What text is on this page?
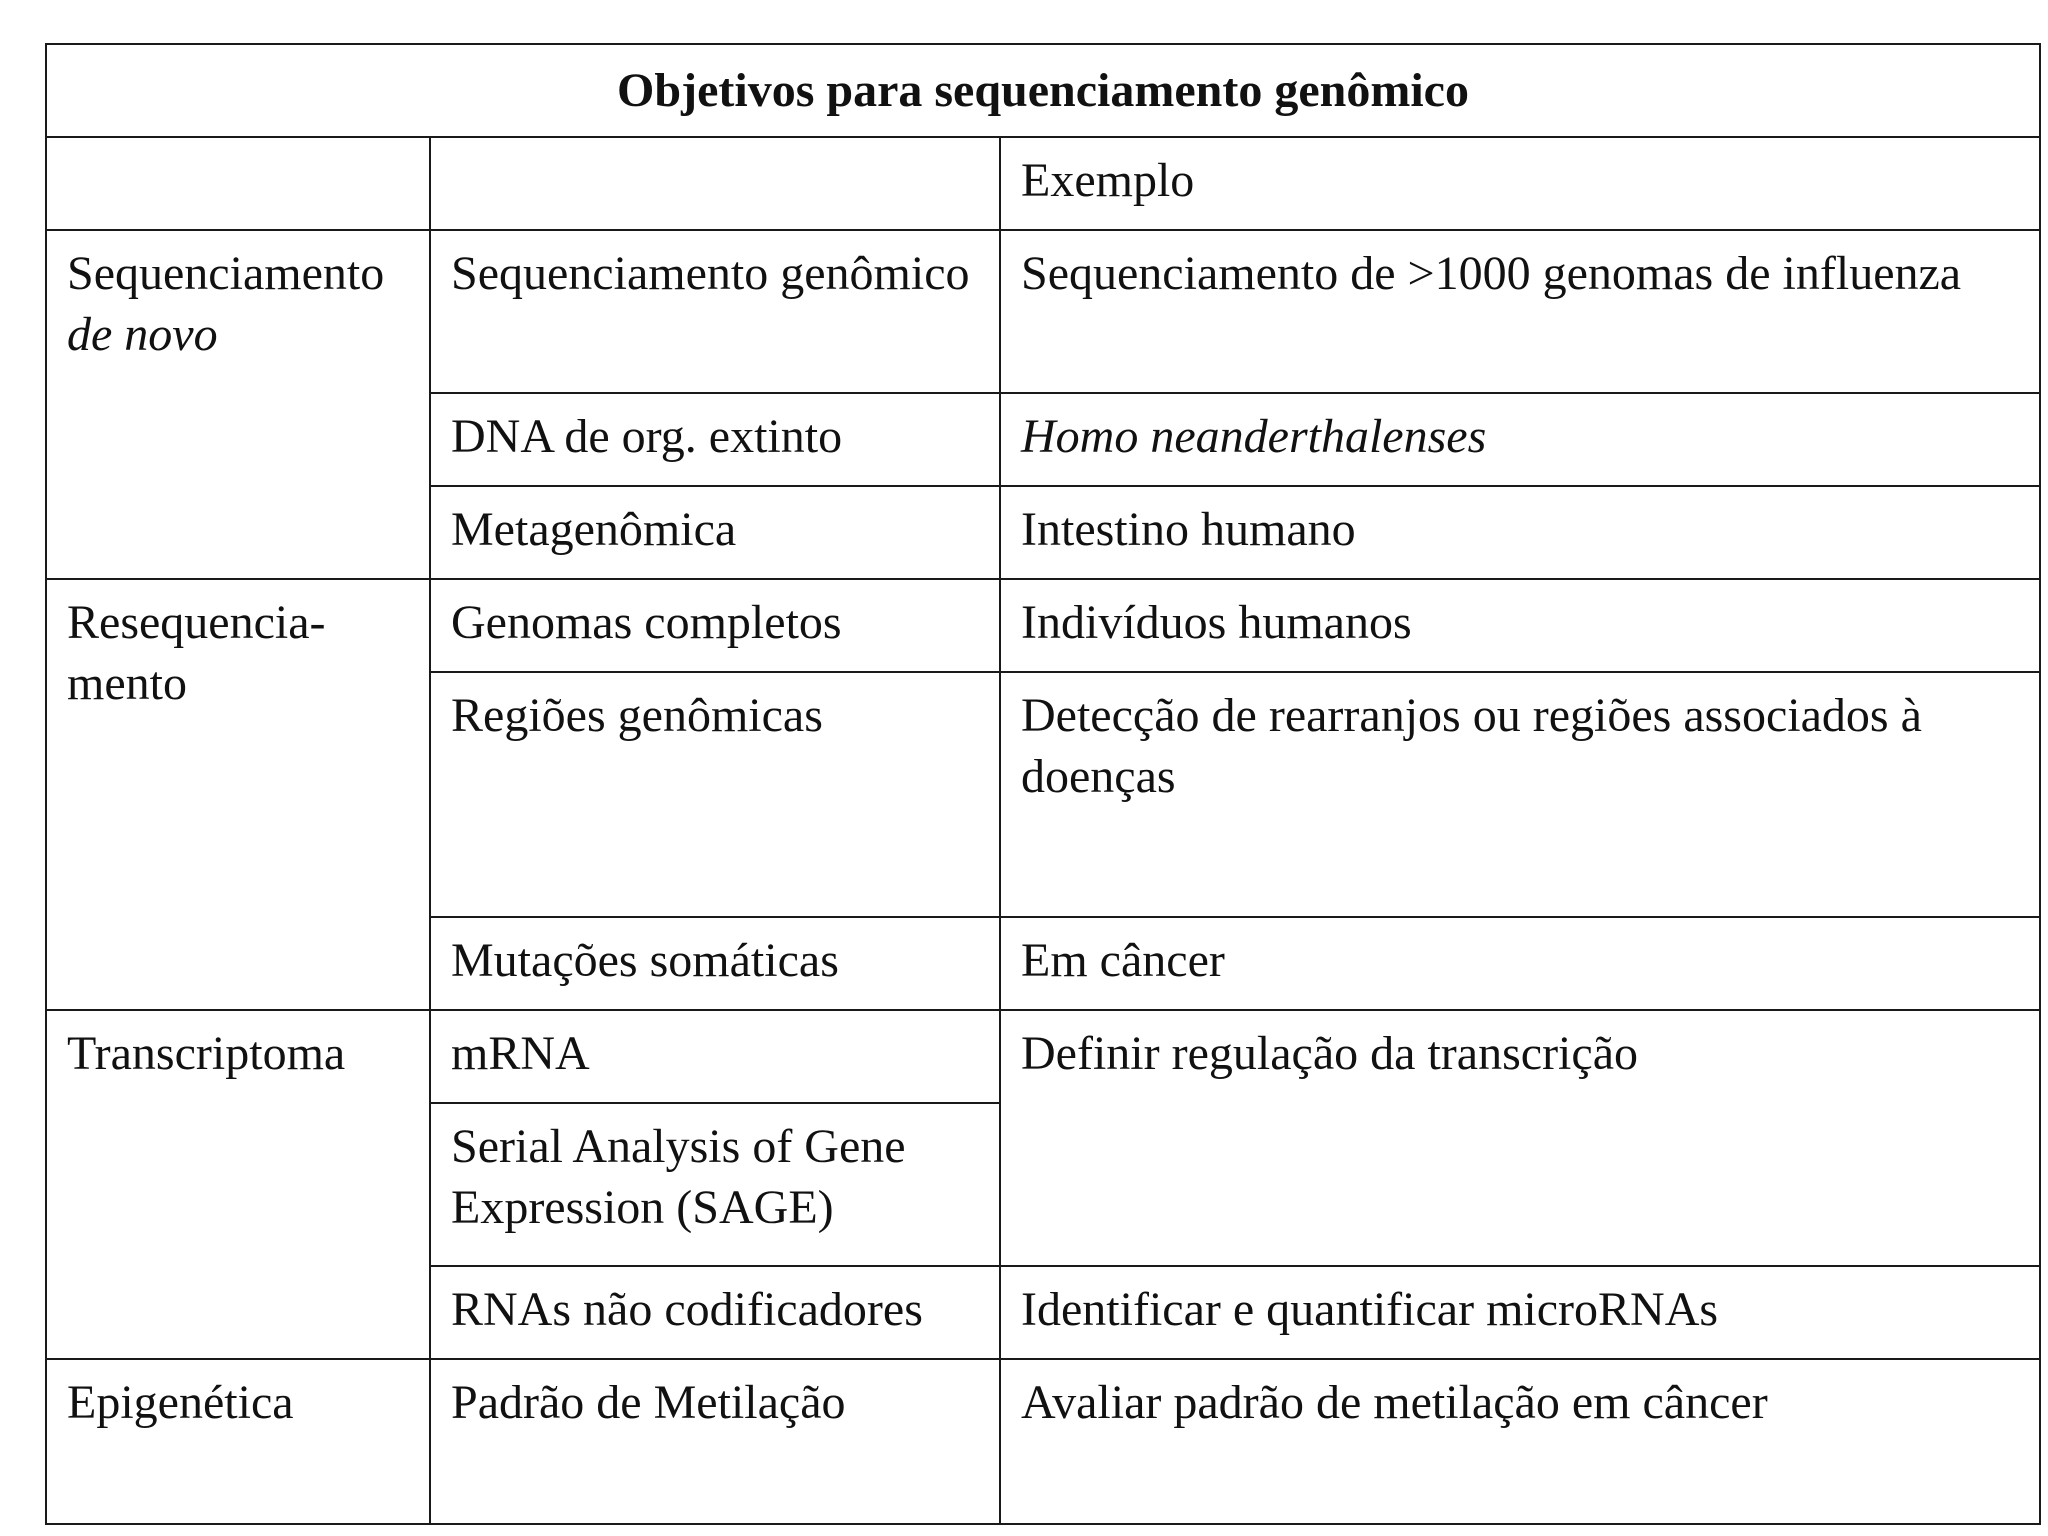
Objetivos para sequenciamento genômico		
		Exemplo

Sequenciamento
de novo	Sequenciamento genômico	Sequenciamento de >1000 genomas de influenza
	DNA de org. extinto	Homo neanderthalenses
	Metagenômica	Intestino humano
Resequencia-mento	Genomas completos	Indivíduos humanos
	Regiões genômicas	Detecção de rearranjos ou regiões associados à doenças
	Mutações somáticas	Em câncer
Transcriptoma	mRNA	Definir regulação da transcrição
	Serial Analysis of Gene Expression (SAGE)	
	RNAs não codificadores	Identificar e quantificar microRNAs
Epigenética	Padrão de Metilação	Avaliar padrão de metilação em câncer
